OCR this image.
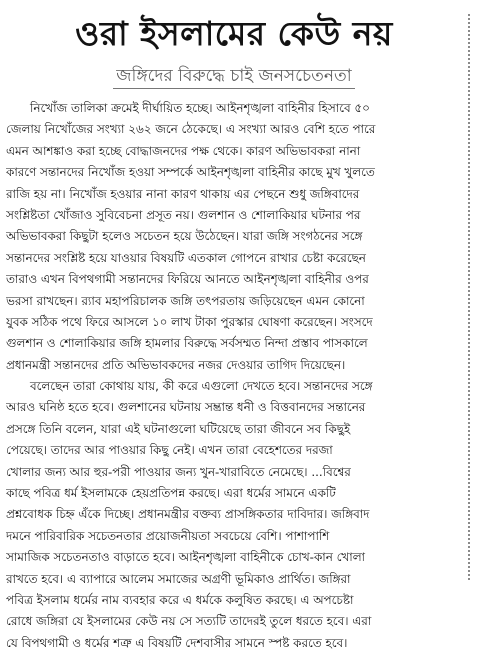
ওরা ইসলামের কেউ নয়
জঙ্গিদের বিরুদ্ধে চাই জনসচেতনতা
নিখোঁজ তালিকা ক্রমেই দীর্ঘায়িত হচ্ছে। আইনশৃঙ্খলা বাহিনীর হিসাবে ৫০
জেলায় নিখোঁজের সংখ্যা ২৬২ জনে ঠেকেছে। এ সংখ্যা আরও বেশি হতে পারে
এমন আশঙ্কাও করা হচ্ছে বোদ্ধাজনদের পক্ষ থেকে। কারণ অভিভাবকরা নানা
কারণে সন্তানদের নিখোঁজ হওয়া সম্পর্কে আইনশৃঙ্খলা বাহিনীর কাছে মুখ খুলতে
রাজি হয় না। নিখোঁজ হওয়ার নানা কারণ থাকায় এর পেছনে শুধু জঙ্গিবাদের
সংশ্লিষ্টতা খোঁজাও সুবিবেচনা প্রসূত নয়। গুলশান ও শোলাকিয়ার ঘটনার পর
অভিভাবকরা কিছুটা হলেও সচেতন হয়ে উঠেছেন। যারা জঙ্গি সংগঠনের সঙ্গে
সন্তানদের সংশ্লিষ্ট হয়ে যাওয়ার বিষয়টি এতকাল গোপনে রাখার চেষ্টা করেছেন
তারাও এখন বিপথগামী সন্তানদের ফিরিয়ে আনতে আইনশৃঙ্খলা বাহিনীর ওপর
ভরসা রাখছেন। র‌্যাব মহাপরিচালক জঙ্গি তৎপরতায় জড়িয়েছেন এমন কোনো
যুবক সঠিক পথে ফিরে আসলে ১০ লাখ টাকা পুরস্কার ঘোষণা করেছেন। সংসদে
গুলশান ও শোলাকিয়ার জঙ্গি হামলার বিরুদ্ধে সর্বসম্মত নিন্দা প্রস্তাব পাসকালে
প্রধানমন্ত্রী সন্তানদের প্রতি অভিভাবকদের নজর দেওয়ার তাগিদ দিয়েছেন।
বলেছেন তারা কোথায় যায়, কী করে এগুলো দেখতে হবে। সন্তানদের সঙ্গে
আরও ঘনিষ্ঠ হতে হবে। গুলশানের ঘটনায় সম্ভ্রান্ত ধনী ও বিত্তবানদের সন্তানের
প্রসঙ্গে তিনি বলেন, যারা এই ঘটনাগুলো ঘটিয়েছে তারা জীবনে সব কিছুই
পেয়েছে। তাদের আর পাওয়ার কিছু নেই। এখন তারা বেহেশতের দরজা
খোলার জন্য আর হুর-পরী পাওয়ার জন্য খুন-খারাবিতে নেমেছে। ...বিশ্বের
কাছে পবিত্র ধর্ম ইসলামকে হেয়প্রতিপন্ন করছে। এরা ধর্মের সামনে একটি
প্রশ্নবোধক চিহ্ন এঁকে দিচ্ছে। প্রধানমন্ত্রীর বক্তব্য প্রাসঙ্গিকতার দাবিদার। জঙ্গিবাদ
দমনে পারিবারিক সচেতনতার প্রয়োজনীয়তা সবচেয়ে বেশি। পাশাপাশি
সামাজিক সচেতনতাও বাড়াতে হবে। আইনশৃঙ্খলা বাহিনীকে চোখ-কান খোলা
রাখতে হবে। এ ব্যাপারে আলেম সমাজের অগ্রণী ভূমিকাও প্রার্থিত। জঙ্গিরা
পবিত্র ইসলাম ধর্মের নাম ব্যবহার করে এ ধর্মকে কলুষিত করছে। এ অপচেষ্টা
রোধে জঙ্গিরা যে ইসলামের কেউ নয় সে সত্যটি তাদেরই তুলে ধরতে হবে। এরা
যে বিপথগামী ও ধর্মের শত্রু এ বিষয়টি দেশবাসীর সামনে স্পষ্ট করতে হবে।
